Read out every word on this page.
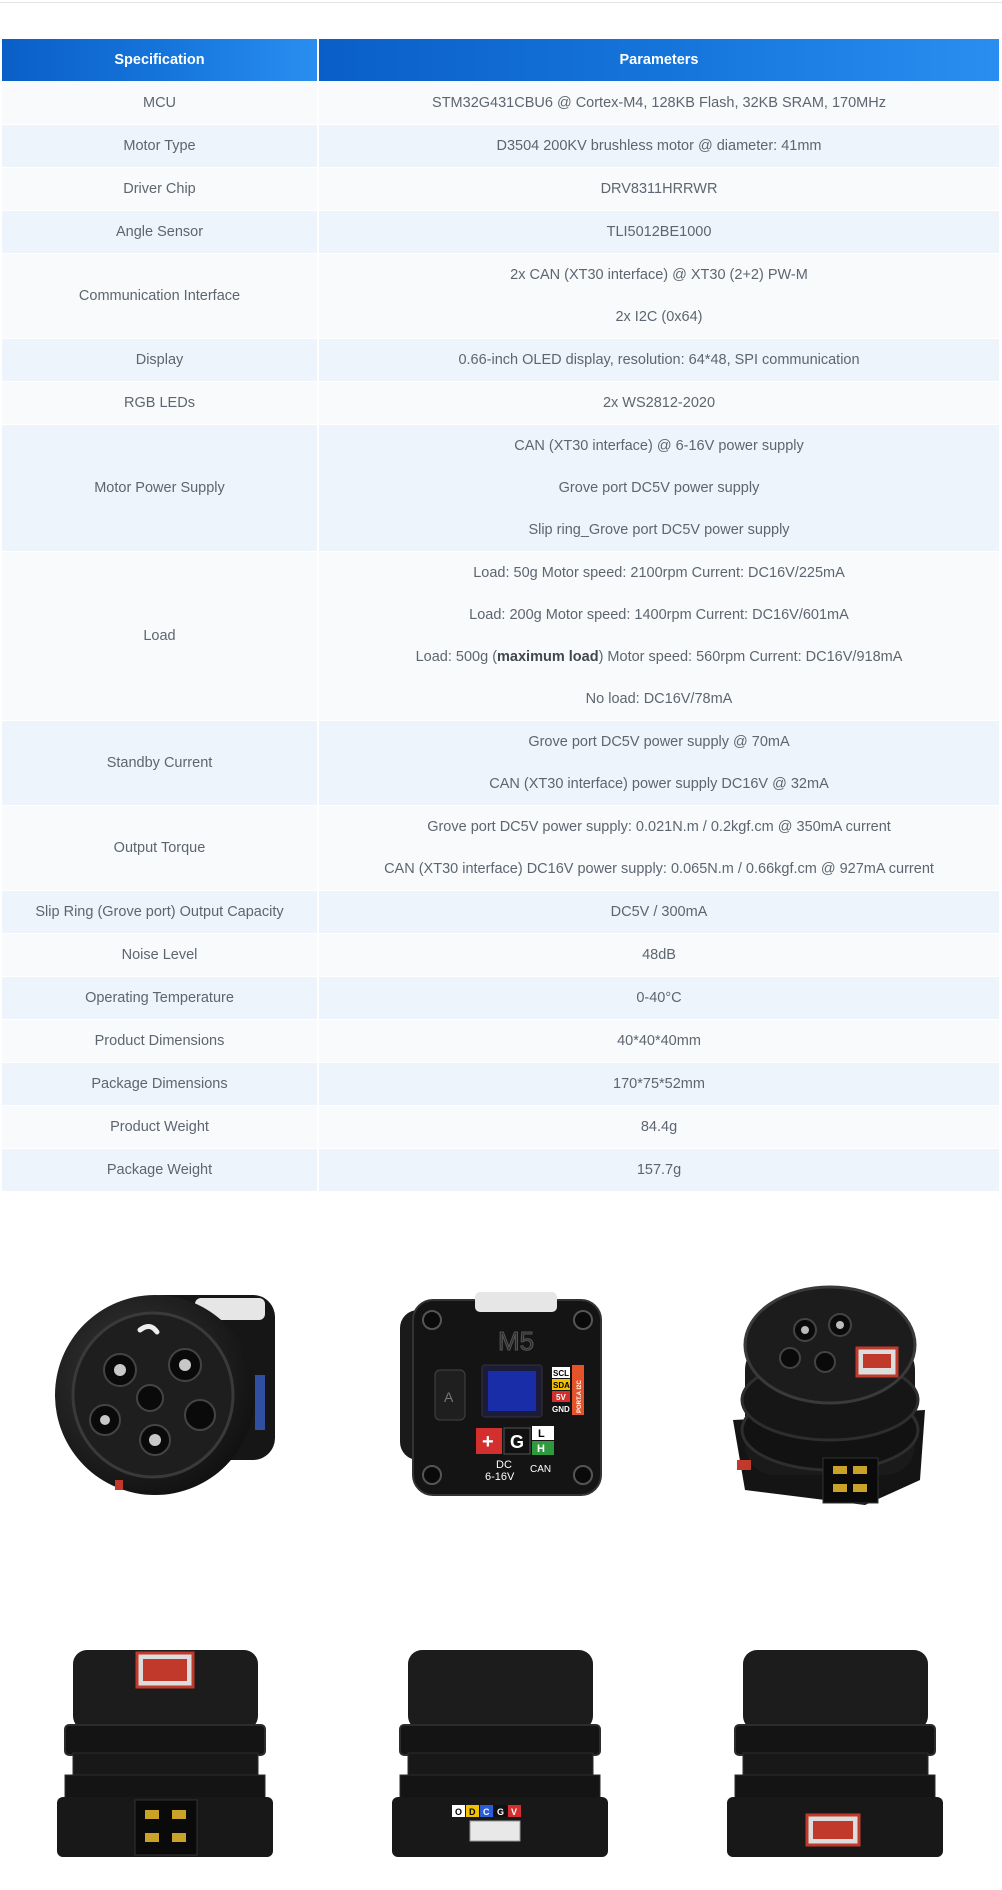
Specification	Parameters
MCU	STM32G431CBU6 @ Cortex-M4, 128KB Flash, 32KB SRAM, 170MHz

Motor Type	D3504 200KV brushless motor @ diameter: 41mm

Driver Chip	DRV8311HRRWR

Angle Sensor	TLI5012BE1000

Communication Interface	2x CAN (XT30 interface) @ XT30 (2+2) PW-M
2x I2C (0x64)

Display	0.66-inch OLED display, resolution: 64*48, SPI communication

RGB LEDs	2x WS2812-2020

Motor Power Supply	CAN (XT30 interface) @ 6-16V power supply
Grove port DC5V power supply
Slip ring_Grove port DC5V power supply

Load	Load: 50g Motor speed: 2100rpm Current: DC16V/225mA
Load: 200g Motor speed: 1400rpm Current: DC16V/601mA
Load: 500g (maximum load) Motor speed: 560rpm Current: DC16V/918mA
No load: DC16V/78mA

Standby Current	Grove port DC5V power supply @ 70mA
CAN (XT30 interface) power supply DC16V @ 32mA

Output Torque	Grove port DC5V power supply: 0.021N.m / 0.2kgf.cm @ 350mA current
CAN (XT30 interface) DC16V power supply: 0.065N.m / 0.66kgf.cm @ 927mA current

Slip Ring (Grove port) Output Capacity	DC5V / 300mA

Noise Level	48dB

Operating Temperature	0-40°C

Product Dimensions	40*40*40mm

Package Dimensions	170*75*52mm

Product Weight	84.4g

Package Weight	157.7g
M5
A
SCL
SDA
5V
GND PORT.A I2C
+ G L
H
DC
6-16V
CAN
O D C G V
